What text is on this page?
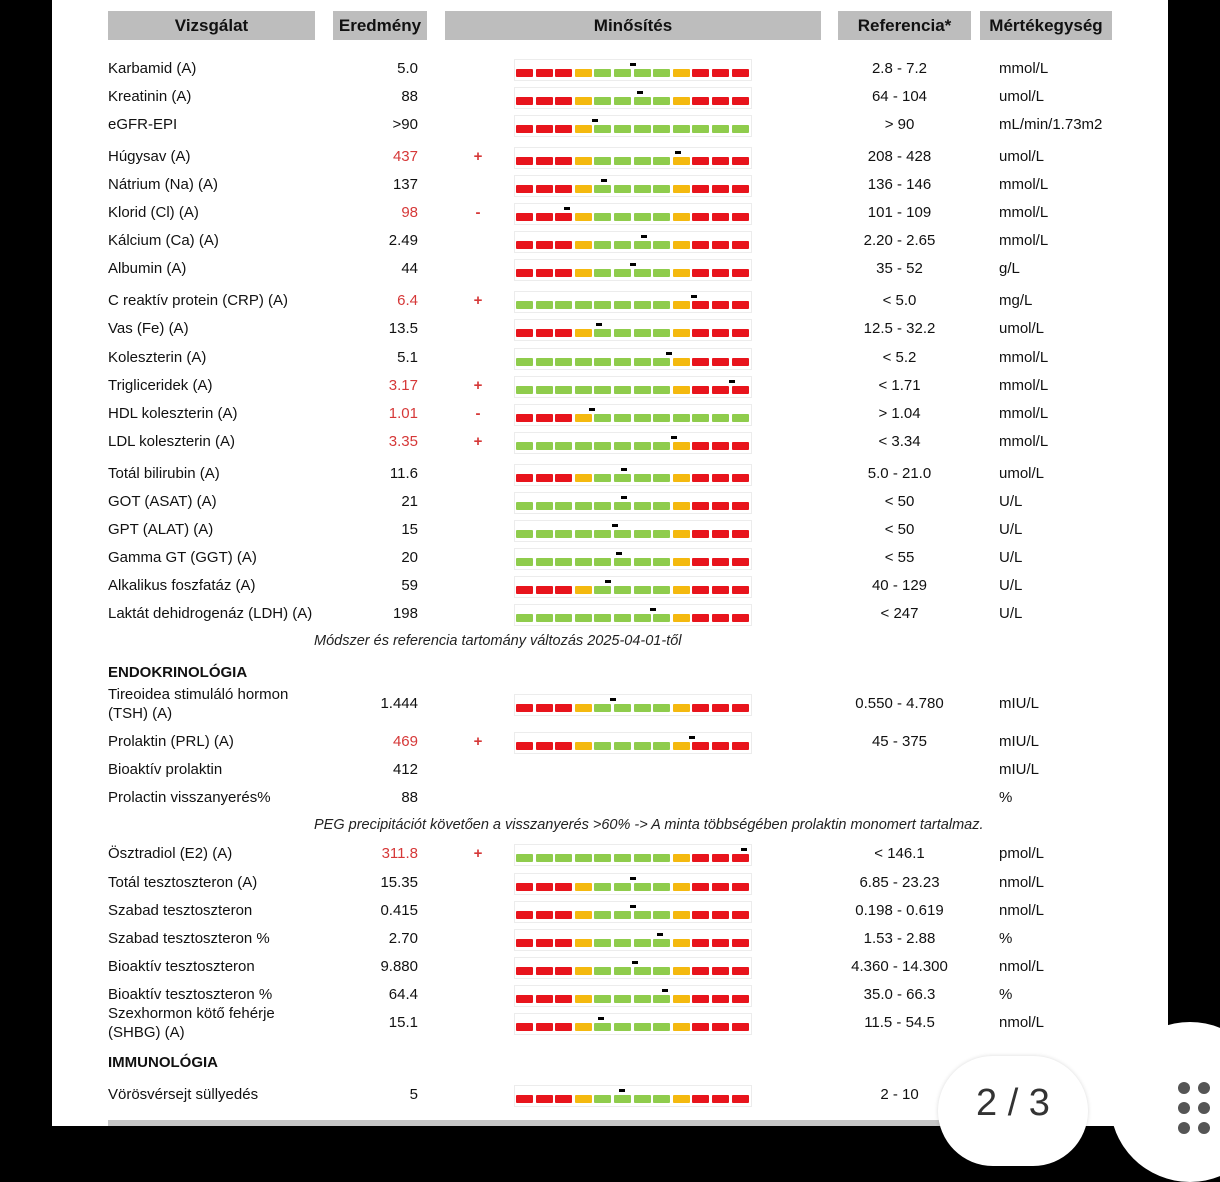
Vizsgálat	Eredmény	Minősítés	Referencia*	Mértékegység
Karbamid (A)	5.0	2.8 - 7.2	mmol/L
Kreatinin (A)	88	64 - 104	umol/L
eGFR-EPI	>90	> 90	mL/min/1.73m2
Húgysav (A)	437	+	208 - 428	umol/L
Nátrium (Na) (A)	137	136 - 146	mmol/L
Klorid (Cl) (A)	98	-	101 - 109	mmol/L
Kálcium (Ca) (A)	2.49	2.20 - 2.65	mmol/L
Albumin (A)	44	35 - 52	g/L
C reaktív protein (CRP) (A)	6.4	+	< 5.0	mg/L
Vas (Fe) (A)	13.5	12.5 - 32.2	umol/L
Koleszterin (A)	5.1	< 5.2	mmol/L
Trigliceridek (A)	3.17	+	< 1.71	mmol/L
HDL koleszterin (A)	1.01	-	> 1.04	mmol/L
LDL koleszterin (A)	3.35	+	< 3.34	mmol/L
Totál bilirubin (A)	11.6	5.0 - 21.0	umol/L
GOT (ASAT) (A)	21	< 50	U/L
GPT (ALAT) (A)	15	< 50	U/L
Gamma GT (GGT) (A)	20	< 55	U/L
Alkalikus foszfatáz (A)	59	40 - 129	U/L
Laktát dehidrogenáz (LDH) (A)	198	< 247	U/L
Módszer és referencia tartomány változás 2025-04-01-től
ENDOKRINOLÓGIA
Tireoidea stimuláló hormon (TSH) (A)
1.444	0.550 - 4.780	mIU/L
Prolaktin (PRL) (A)	469	+	45 - 375	mIU/L
Bioaktív prolaktin	412	mIU/L
Prolactin visszanyerés%	88	%
PEG precipitációt követően a visszanyerés >60% -> A minta többségében prolaktin monomert tartalmaz.
Ösztradiol (E2) (A)	311.8	+	< 146.1	pmol/L
Totál tesztoszteron (A)	15.35	6.85 - 23.23	nmol/L
Szabad tesztoszteron	0.415	0.198 - 0.619	nmol/L
Szabad tesztoszteron %	2.70	1.53 - 2.88	%
Bioaktív tesztoszteron	9.880	4.360 - 14.300	nmol/L
Bioaktív tesztoszteron %	64.4	35.0 - 66.3	%
Szexhormon kötő fehérje (SHBG) (A)
15.1	11.5 - 54.5	nmol/L
IMMUNOLÓGIA
Vörösvérsejt süllyedés	5	2 - 10	2 / 3
